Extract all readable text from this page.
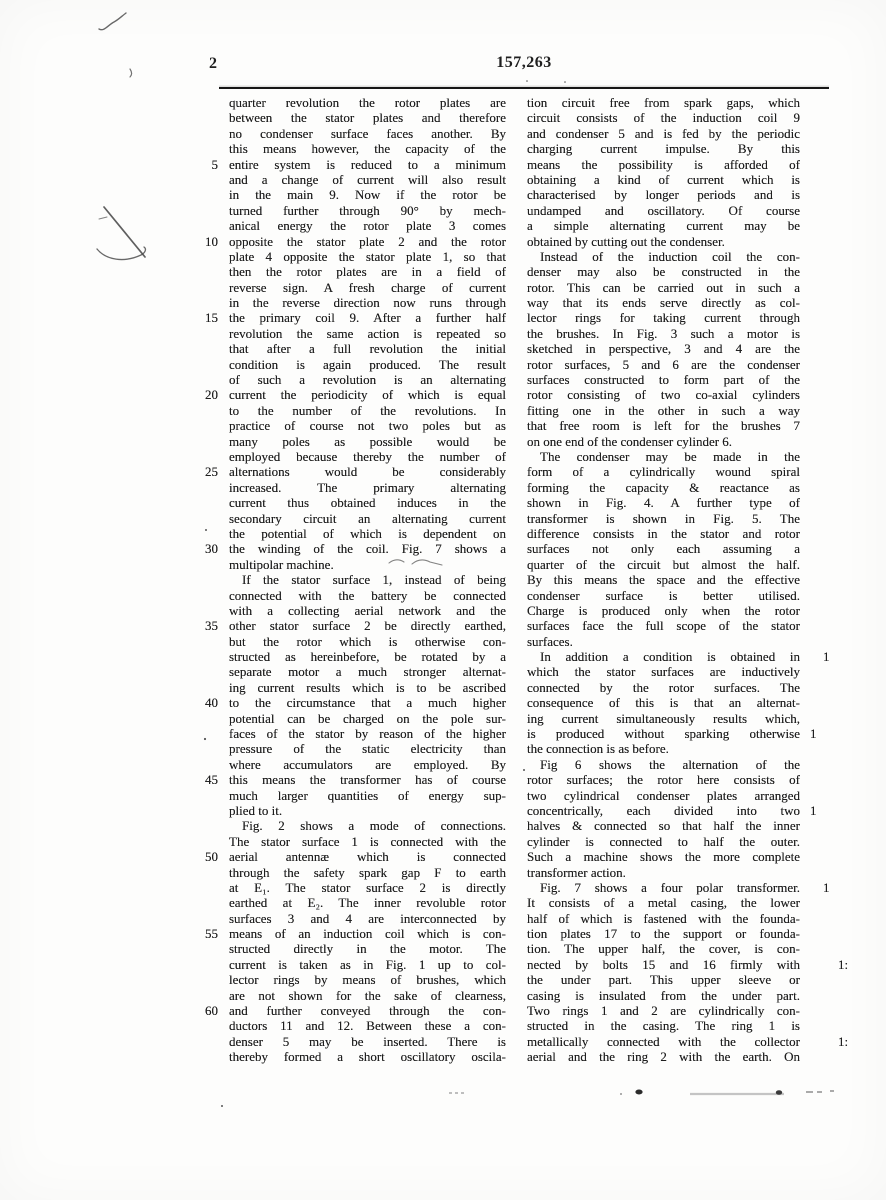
2	157,263
quarter revolution the rotor plates are
between the stator plates and therefore
no condenser surface faces another. By
this means however, the capacity of the
entire system is reduced to a minimum
5
and a change of current will also result
in the main 9. Now if the rotor be
turned further through 90° by mech-
anical energy the rotor plate 3 comes
opposite the stator plate 2 and the rotor
10
plate 4 opposite the stator plate 1, so that
then the rotor plates are in a field of
reverse sign. A fresh charge of current
in the reverse direction now runs through
the primary coil 9. After a further half
15
revolution the same action is repeated so
that after a full revolution the initial
condition is again produced. The result
of such a revolution is an alternating
current the periodicity of which is equal
20
to the number of the revolutions. In
practice of course not two poles but as
many poles as possible would be
employed because thereby the number of
alternations would be considerably
25
increased. The primary alternating
current thus obtained induces in the
secondary circuit an alternating current
the potential of which is dependent on
the winding of the coil. Fig. 7 shows a
30
multipolar machine.
If the stator surface 1, instead of being
connected with the battery be connected
with a collecting aerial network and the
other stator surface 2 be directly earthed,
35
but the rotor which is otherwise con-
structed as hereinbefore, be rotated by a
separate motor a much stronger alternat-
ing current results which is to be ascribed
to the circumstance that a much higher
40
potential can be charged on the pole sur-
faces of the stator by reason of the higher
pressure of the static electricity than
where accumulators are employed. By
this means the transformer has of course
45
much larger quantities of energy sup-
plied to it.
Fig. 2 shows a mode of connections.
The stator surface 1 is connected with the
aerial antennæ which is connected
50
through the safety spark gap F to earth
at E₁. The stator surface 2 is directly
earthed at E₂. The inner revoluble rotor
surfaces 3 and 4 are interconnected by
means of an induction coil which is con-
55
structed directly in the motor. The
current is taken as in Fig. 1 up to col-
lector rings by means of brushes, which
are not shown for the sake of clearness,
and further conveyed through the con-
60
ductors 11 and 12. Between these a con-
denser 5 may be inserted. There is
thereby formed a short oscillatory oscila-
tion circuit free from spark gaps, which
circuit consists of the induction coil 9
and condenser 5 and is fed by the periodic
charging current impulse. By this
means the possibility is afforded of
obtaining a kind of current which is
characterised by longer periods and is
undamped and oscillatory. Of course
a simple alternating current may be
obtained by cutting out the condenser.
Instead of the induction coil the con-
denser may also be constructed in the
rotor. This can be carried out in such a
way that its ends serve directly as col-
lector rings for taking current through
the brushes. In Fig. 3 such a motor is
sketched in perspective, 3 and 4 are the
rotor surfaces, 5 and 6 are the condenser
surfaces constructed to form part of the
rotor consisting of two co-axial cylinders
fitting one in the other in such a way
that free room is left for the brushes 7
on one end of the condenser cylinder 6.
The condenser may be made in the
form of a cylindrically wound spiral
forming the capacity & reactance as
shown in Fig. 4. A further type of
transformer is shown in Fig. 5. The
difference consists in the stator and rotor
surfaces not only each assuming a
quarter of the circuit but almost the half.
By this means the space and the effective
condenser surface is better utilised.
Charge is produced only when the rotor
surfaces face the full scope of the stator
surfaces.
In addition a condition is obtained in	1
which the stator surfaces are inductively
connected by the rotor surfaces. The
consequence of this is that an alternat-
ing current simultaneously results which,
is produced without sparking otherwise 1
the connection is as before.
Fig 6 shows the alternation of the
rotor surfaces; the rotor here consists of
two cylindrical condenser plates arranged
concentrically, each divided into two 1
halves & connected so that half the inner
cylinder is connected to half the outer.
Such a machine shows the more complete
transformer action.
Fig. 7 shows a four polar transformer.	1
It consists of a metal casing, the lower
half of which is fastened with the founda-
tion plates 17 to the support or founda-
tion. The upper half, the cover, is con-
nected by bolts 15 and 16 firmly with	1:
the under part. This upper sleeve or
casing is insulated from the under part.
Two rings 1 and 2 are cylindrically con-
structed in the casing. The ring 1 is
metallically connected with the collector	1:
aerial and the ring 2 with the earth. On
